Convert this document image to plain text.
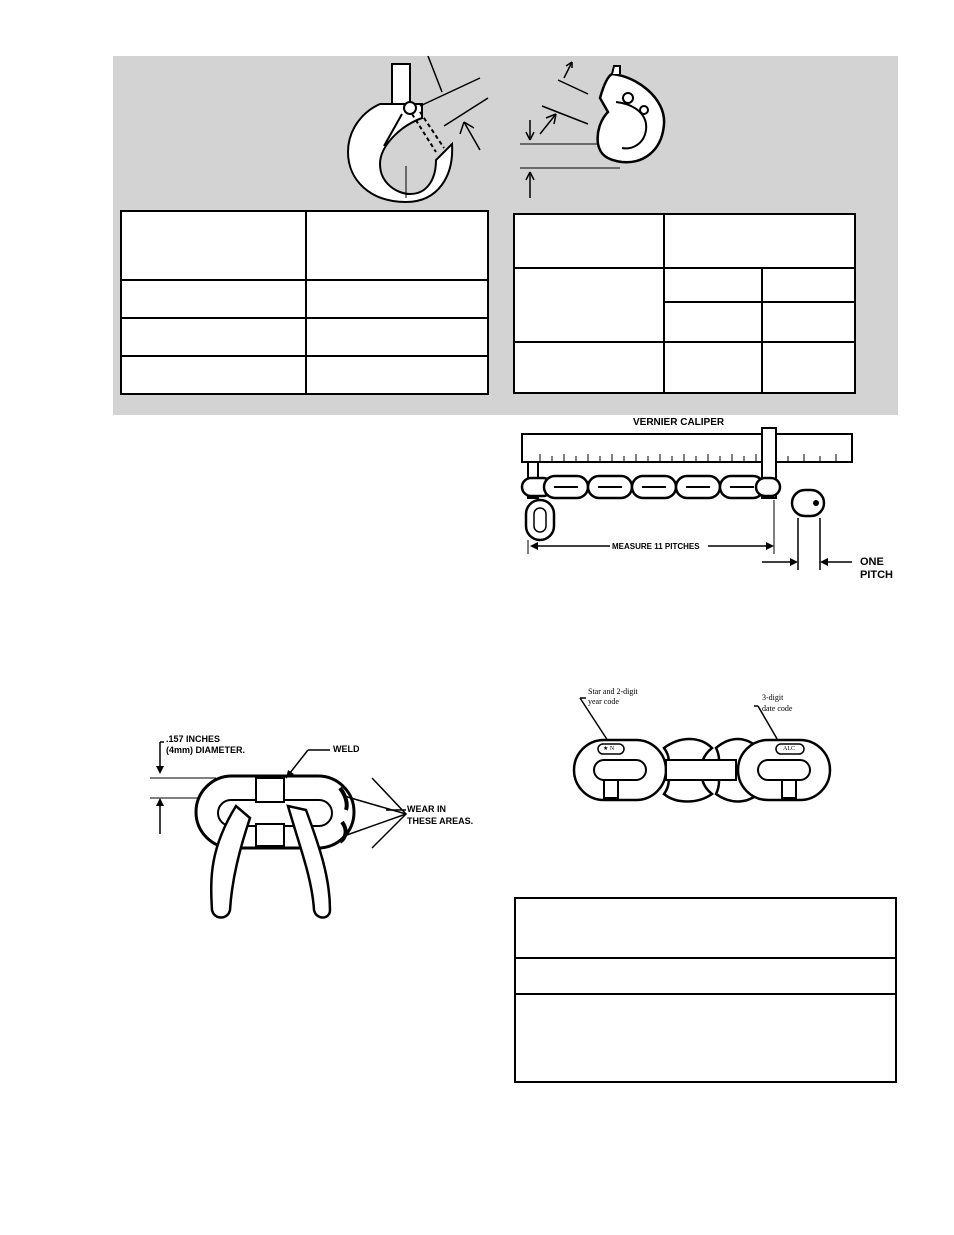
VERNIER CALIPER
MEASURE 11 PITCHES
ONE
PITCH
.157 INCHES
(4mm) DIAMETER.	WELD
WEAR IN
THESE AREAS.
Star and 2-digit
year code	3-digit
date code
★ N	ALC
